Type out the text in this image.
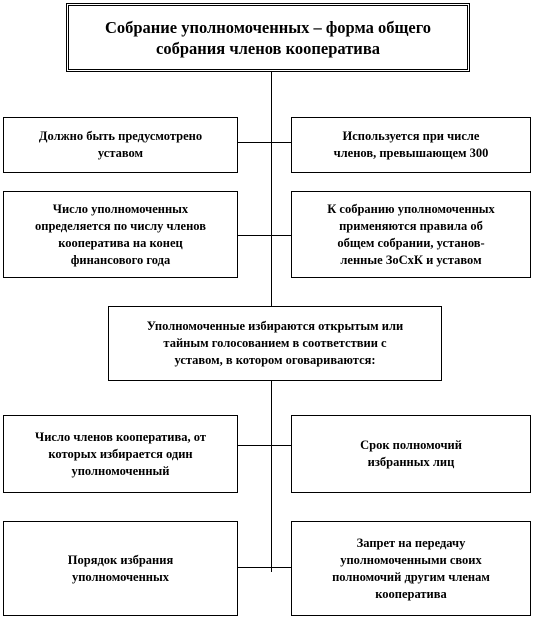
Собрание уполномоченных – форма общего
собрания членов кооператива
Должно быть предусмотрено
уставом
Используется при числе
членов, превышающем 300
Число уполномоченных
определяется по числу членов
кооператива на конец
финансового года
К собранию уполномоченных
применяются правила об
общем собрании, установ-
ленные ЗоСхК и уставом
Уполномоченные избираются открытым или
тайным голосованием в соответствии с
уставом, в котором оговариваются:
Число членов кооператива, от
которых избирается один
уполномоченный
Срок полномочий
избранных лиц
Порядок избрания
уполномоченных
Запрет на передачу
уполномоченными своих
полномочий другим членам
кооператива
